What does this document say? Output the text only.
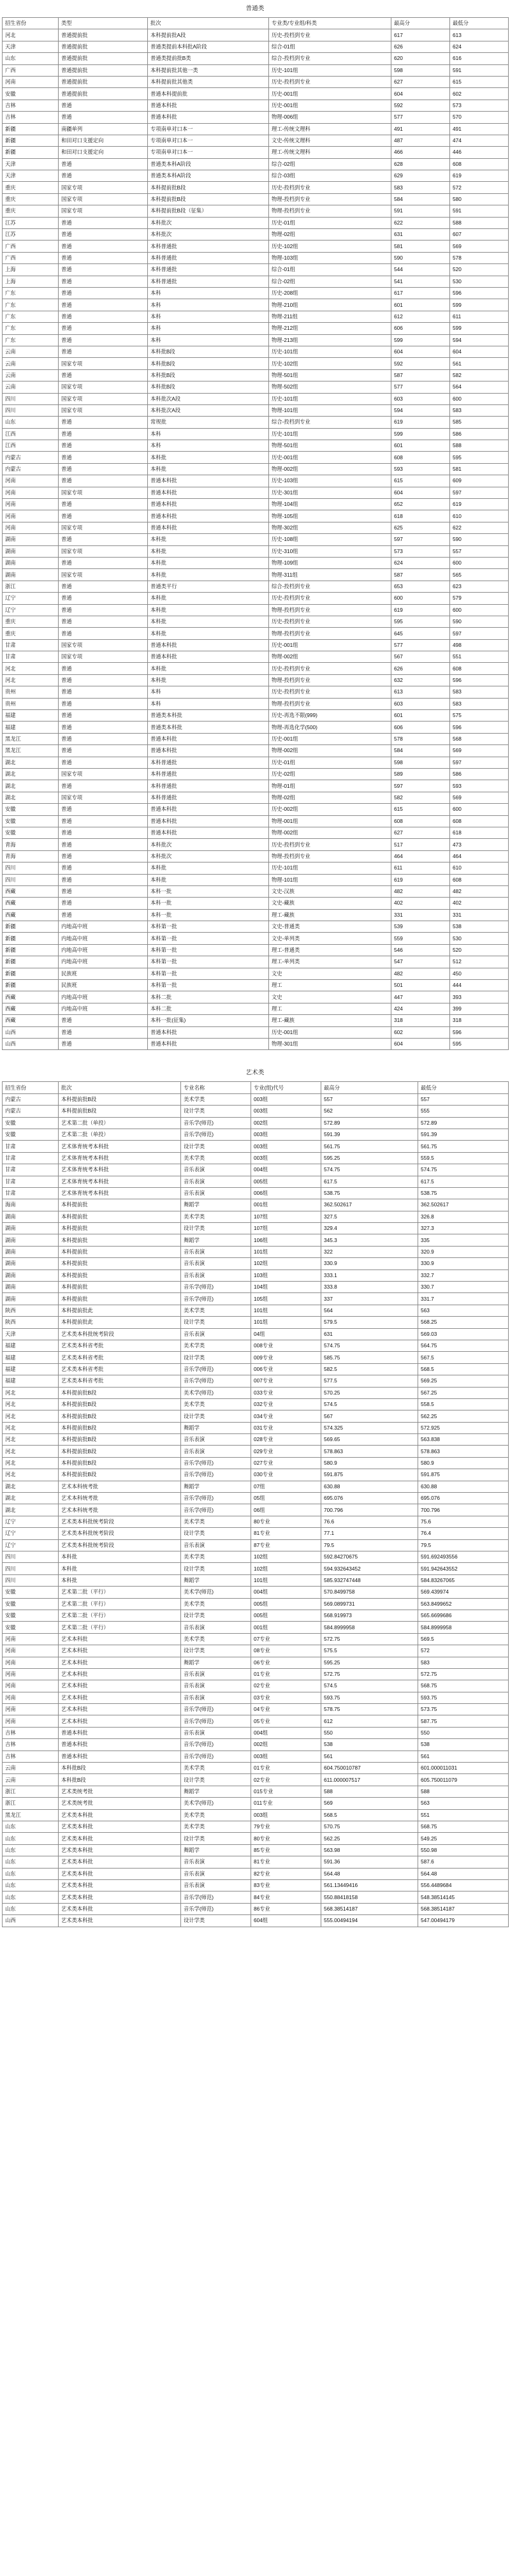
普通类
招生省份	类型	批次	专业类/专业组/科类	最高分	最低分
河北	普通提前批	本科提前批A段	历史-投档到专业	617	613
天津	普通提前批	普通类提前本科批A阶段	综合-01组	626	624
山东	普通提前批	普通类提前批B类	综合-投档到专业	620	616
广西	普通提前批	本科提前批其他一类	历史-101组	598	591
河南	普通提前批	本科提前批其他类	历史-投档到专业	627	615
安徽	普通提前批	普通本科提前批	历史-001组	604	602
吉林	普通	普通本科批	历史-001组	592	573
吉林	普通	普通本科批	物理-006组	577	570
新疆	南疆单列	专项南单对口本一	理工-传统文理科	491	491
新疆	和田对口支援定向	专项南单对口本一	文史-传统文理科	487	474
新疆	和田对口支援定向	专项南单对口本一	理工-传统文理科	466	446
天津	普通	普通类本科A阶段	综合-02组	628	608
天津	普通	普通类本科A阶段	综合-03组	629	619
重庆	国家专项	本科提前批B段	历史-投档到专业	583	572
重庆	国家专项	本科提前批B段	物理-投档到专业	584	580
重庆	国家专项	本科提前批B段（征集）	物理-投档到专业	591	591
江苏	普通	本科批次	历史-01组	622	588
江苏	普通	本科批次	物理-02组	631	607
广西	普通	本科普通批	历史-102组	581	569
广西	普通	本科普通批	物理-103组	590	578
上海	普通	本科普通批	综合-01组	544	520
上海	普通	本科普通批	综合-02组	541	530
广东	普通	本科	历史-208组	617	596
广东	普通	本科	物理-210组	601	599
广东	普通	本科	物理-211组	612	611
广东	普通	本科	物理-212组	606	599
广东	普通	本科	物理-213组	599	594
云南	普通	本科批B段	历史-101组	604	604
云南	国家专项	本科批B段	历史-102组	592	561
云南	普通	本科批B段	物理-501组	587	582
云南	国家专项	本科批B段	物理-502组	577	564
四川	国家专项	本科批次A段	历史-101组	603	600
四川	国家专项	本科批次A段	物理-101组	594	583
山东	普通	常规批	综合-投档到专业	619	585
江西	普通	本科	历史-101组	599	586
江西	普通	本科	物理-501组	601	588
内蒙古	普通	本科批	历史-001组	608	595
内蒙古	普通	本科批	物理-002组	593	581
河南	普通	普通本科批	历史-103组	615	609
河南	国家专项	普通本科批	历史-301组	604	597
河南	普通	普通本科批	物理-104组	652	619
河南	普通	普通本科批	物理-105组	618	610
河南	国家专项	普通本科批	物理-302组	625	622
湖南	普通	本科批	历史-108组	597	590
湖南	国家专项	本科批	历史-310组	573	557
湖南	普通	本科批	物理-109组	624	600
湖南	国家专项	本科批	物理-311组	587	565
浙江	普通	普通类平行	综合-投档到专业	653	623
辽宁	普通	本科批	历史-投档到专业	600	579
辽宁	普通	本科批	物理-投档到专业	619	600
重庆	普通	本科批	历史-投档到专业	595	590
重庆	普通	本科批	物理-投档到专业	645	597
甘肃	国家专项	普通本科批	历史-001组	577	498
甘肃	国家专项	普通本科批	物理-002组	567	551
河北	普通	本科批	历史-投档到专业	626	608
河北	普通	本科批	物理-投档到专业	632	596
贵州	普通	本科	历史-投档到专业	613	583
贵州	普通	本科	物理-投档到专业	603	583
福建	普通	普通类本科批	历史-再选不限(999)	601	575
福建	普通	普通类本科批	物理-再选化学(500)	606	596
黑龙江	普通	普通本科批	历史-001组	578	568
黑龙江	普通	普通本科批	物理-002组	584	569
湖北	普通	本科普通批	历史-01组	598	597
湖北	国家专项	本科普通批	历史-02组	589	586
湖北	普通	本科普通批	物理-01组	597	593
湖北	国家专项	本科普通批	物理-02组	582	569
安徽	普通	普通本科批	历史-002组	615	600
安徽	普通	普通本科批	物理-001组	608	608
安徽	普通	普通本科批	物理-002组	627	618
青海	普通	本科批次	历史-投档到专业	517	473
青海	普通	本科批次	物理-投档到专业	464	464
四川	普通	本科批	历史-101组	611	610
四川	普通	本科批	物理-101组	619	608
西藏	普通	本科一批	文史-汉族	482	482
西藏	普通	本科一批	文史-藏族	402	402
西藏	普通	本科一批	理工-藏族	331	331
新疆	内地高中班	本科第一批	文史-普通类	539	538
新疆	内地高中班	本科第一批	文史-单列类	559	530
新疆	内地高中班	本科第一批	理工-普通类	546	520
新疆	内地高中班	本科第一批	理工-单列类	547	512
新疆	民族班	本科第一批	文史	482	450
新疆	民族班	本科第一批	理工	501	444
西藏	内地高中班	本科二批	文史	447	393
西藏	内地高中班	本科二批	理工	424	399
西藏	普通	本科一批(征集)	理工-藏族	318	318
山西	普通	普通本科批	历史-001组	602	596
山西	普通	普通本科批	物理-301组	604	595
艺术类
招生省份	批次	专业名称	专业(组)代号	最高分	最低分
内蒙古	本科提前批B段	美术学类	003组	557	557
内蒙古	本科提前批B段	设计学类	003组	562	555
安徽	艺术第二批（单投）	音乐学(师范)	002组	572.89	572.89
安徽	艺术第二批（单投）	音乐学(师范)	003组	591.39	591.39
甘肃	艺术体育统考本科批	设计学类	003组	561.75	561.75
甘肃	艺术体育统考本科批	美术学类	003组	595.25	559.5
甘肃	艺术体育统考本科批	音乐表演	004组	574.75	574.75
甘肃	艺术体育统考本科批	音乐表演	005组	617.5	617.5
甘肃	艺术体育统考本科批	音乐表演	006组	538.75	538.75
海南	本科提前批	舞蹈学	001组	362.502617	362.502617
湖南	本科提前批	美术学类	107组	327.5	326.8
湖南	本科提前批	设计学类	107组	329.4	327.3
湖南	本科提前批	舞蹈学	106组	345.3	335
湖南	本科提前批	音乐表演	101组	322	320.9
湖南	本科提前批	音乐表演	102组	330.9	330.9
湖南	本科提前批	音乐表演	103组	333.1	332.7
湖南	本科提前批	音乐学(师范)	104组	333.8	330.7
湖南	本科提前批	音乐学(师范)	105组	337	331.7
陕西	本科提前批此	美术学类	101组	564	563
陕西	本科提前批此	设计学类	101组	579.5	568.25
天津	艺术类本科批统考阶段	音乐表演	04组	631	569.03
福建	艺术类本科省考批	美术学类	008专业	574.75	564.75
福建	艺术类本科省考批	设计学类	009专业	585.75	567.5
福建	艺术类本科省考批	音乐学(师范)	006专业	582.5	568.5
福建	艺术类本科省考批	音乐学(师范)	007专业	577.5	569.25
河北	本科提前批B段	美术学(师范)	033专业	570.25	567.25
河北	本科提前批B段	美术学类	032专业	574.5	558.5
河北	本科提前批B段	设计学类	034专业	567	562.25
河北	本科提前批B段	舞蹈学	031专业	574.325	572.925
河北	本科提前批B段	音乐表演	028专业	569.65	563.838
河北	本科提前批B段	音乐表演	029专业	578.863	578.863
河北	本科提前批B段	音乐学(师范)	027专业	580.9	580.9
河北	本科提前批B段	音乐学(师范)	030专业	591.875	591.875
湖北	艺术本科统考批	舞蹈学	07组	630.88	630.88
湖北	艺术本科统考批	音乐学(师范)	05组	695.076	695.076
湖北	艺术本科统考批	音乐学(师范)	06组	700.796	700.796
辽宁	艺术类本科批统考阶段	美术学类	80专业	76.6	75.6
辽宁	艺术类本科批统考阶段	设计学类	81专业	77.1	76.4
辽宁	艺术类本科批统考阶段	音乐表演	87专业	79.5	79.5
四川	本科批	美术学类	102组	592.84270675	591.692493556
四川	本科批	设计学类	102组	594.932643452	591.942643552
四川	本科批	舞蹈学	101组	585.932747448	584.83267065
安徽	艺术第二批（平行）	美术学(师范)	004组	570.8499758	569.439974
安徽	艺术第二批（平行）	美术学类	005组	569.0899731	563.8499652
安徽	艺术第二批（平行）	设计学类	005组	568.919973	565.6699686
安徽	艺术第二批（平行）	音乐表演	001组	584.8999958	584.8999958
河南	艺术本科批	美术学类	07专业	572.75	569.5
河南	艺术本科批	设计学类	08专业	575.5	572
河南	艺术本科批	舞蹈学	06专业	595.25	583
河南	艺术本科批	音乐表演	01专业	572.75	572.75
河南	艺术本科批	音乐表演	02专业	574.5	568.75
河南	艺术本科批	音乐表演	03专业	593.75	593.75
河南	艺术本科批	音乐学(师范)	04专业	578.75	573.75
河南	艺术本科批	音乐学(师范)	05专业	612	587.75
吉林	普通本科批	音乐表演	004组	550	550
吉林	普通本科批	音乐学(师范)	002组	538	538
吉林	普通本科批	音乐学(师范)	003组	561	561
云南	本科批B段	美术学类	01专业	604.750010787	601.000011031
云南	本科批B段	设计学类	02专业	611.000007517	605.750011079
浙江	艺术类统考批	舞蹈学	015专业	588	588
浙江	艺术类统考批	美术学(师范)	011专业	569	563
黑龙江	艺术类本科批	美术学类	003组	568.5	551
山东	艺术类本科批	美术学类	79专业	570.75	568.75
山东	艺术类本科批	设计学类	80专业	562.25	549.25
山东	艺术类本科批	舞蹈学	85专业	563.98	550.98
山东	艺术类本科批	音乐表演	81专业	591.36	587.6
山东	艺术类本科批	音乐表演	82专业	564.48	564.48
山东	艺术类本科批	音乐表演	83专业	561.13449416	556.4489684
山东	艺术类本科批	音乐学(师范)	84专业	550.88418158	548.38514145
山东	艺术类本科批	音乐学(师范)	86专业	568.38514187	568.38514187
山西	艺术类本科批	设计学类	604组	555.00494194	547.00494179
